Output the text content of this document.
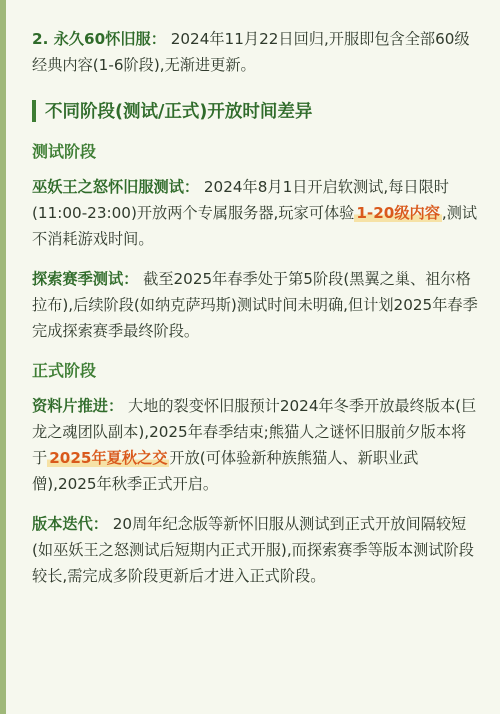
2. 永久60怀旧服： 2024年11月22日回归,开服即包含全部60级经典内容(1-6阶段),无渐进更新。

不同阶段(测试/正式)开放时间差异
测试阶段

巫妖王之怒怀旧服测试： 2024年8月1日开启软测试,每日限时(11:00-23:00)开放两个专属服务器,玩家可体验 1-20级内容 ,测试不消耗游戏时间。

探索赛季测试： 截至2025年春季处于第5阶段(黑翼之巢、祖尔格拉布),后续阶段(如纳克萨玛斯)测试时间未明确,但计划2025年春季完成探索赛季最终阶段。

正式阶段

资料片推进： 大地的裂变怀旧服预计2024年冬季开放最终版本(巨龙之魂团队副本),2025年春季结束;熊猫人之谜怀旧服前夕版本将于 2025年夏秋之交 开放(可体验新种族熊猫人、新职业武僧),2025年秋季正式开启。

版本迭代： 20周年纪念版等新怀旧服从测试到正式开放间隔较短(如巫妖王之怒测试后短期内正式开服),而探索赛季等版本测试阶段较长,需完成多阶段更新后才进入正式阶段。
